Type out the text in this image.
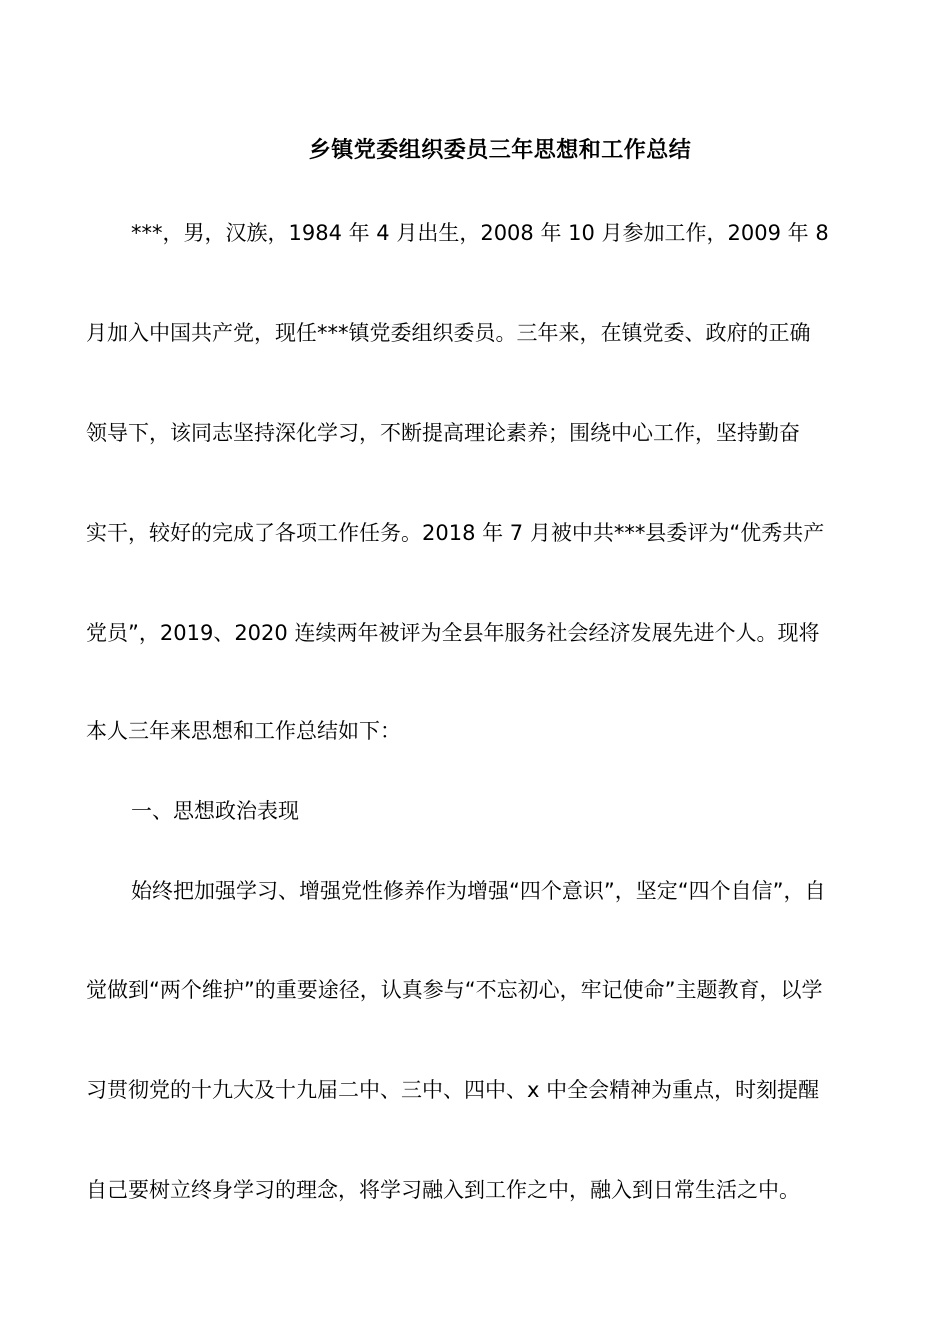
乡镇党委组织委员三年思想和工作总结

***，男，汉族，1984 年 4 月出生，2008 年 10 月参加工作，2009 年 8

月加入中国共产党，现任***镇党委组织委员。三年来，在镇党委、政府的正确

领导下，该同志坚持深化学习，不断提高理论素养；围绕中心工作，坚持勤奋

实干，较好的完成了各项工作任务。2018 年 7 月被中共***县委评为“优秀共产

党员”，2019、2020 连续两年被评为全县年服务社会经济发展先进个人。现将

本人三年来思想和工作总结如下：

一、思想政治表现

始终把加强学习、增强党性修养作为增强“四个意识”，坚定“四个自信”，自

觉做到“两个维护”的重要途径，认真参与“不忘初心，牢记使命”主题教育，以学

习贯彻党的十九大及十九届二中、三中、四中、x 中全会精神为重点，时刻提醒

自己要树立终身学习的理念，将学习融入到工作之中，融入到日常生活之中。
